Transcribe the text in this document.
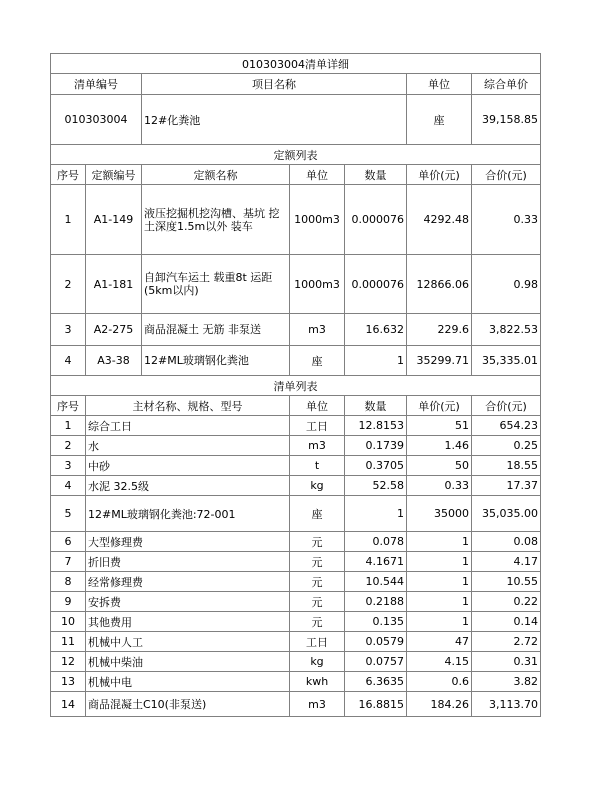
010303004清单详细						
清单编号		项目名称			单位	综合单价
010303004		12#化粪池			座	39,158.85
定额列表						
序号	定额编号	定额名称	单位	数量	单价(元)	合价(元)
1	A1-149	液压挖掘机挖沟槽、基坑 挖土深度1.5m以外 装车	1000m3	0.000076	4292.48	0.33
2	A1-181	自卸汽车运土 载重8t 运距(5km以内)	1000m3	0.000076	12866.06	0.98
3	A2-275	商品混凝土 无筋 非泵送	m3	16.632	229.6	3,822.53
4	A3-38	12#ML玻璃钢化粪池	座	1	35299.71	35,335.01
清单列表						
序号	主材名称、规格、型号		单位	数量	单价(元)	合价(元)
1	综合工日		工日	12.8153	51	654.23
2	水		m3	0.1739	1.46	0.25
3	中砂		t	0.3705	50	18.55
4	水泥 32.5级		kg	52.58	0.33	17.37
5	12#ML玻璃钢化粪池:72-001		座	1	35000	35,035.00
6	大型修理费		元	0.078	1	0.08
7	折旧费		元	4.1671	1	4.17
8	经常修理费		元	10.544	1	10.55
9	安拆费		元	0.2188	1	0.22
10	其他费用		元	0.135	1	0.14
11	机械中人工		工日	0.0579	47	2.72
12	机械中柴油		kg	0.0757	4.15	0.31
13	机械中电		kwh	6.3635	0.6	3.82
14	商品混凝土C10(非泵送)		m3	16.8815	184.26	3,113.70
